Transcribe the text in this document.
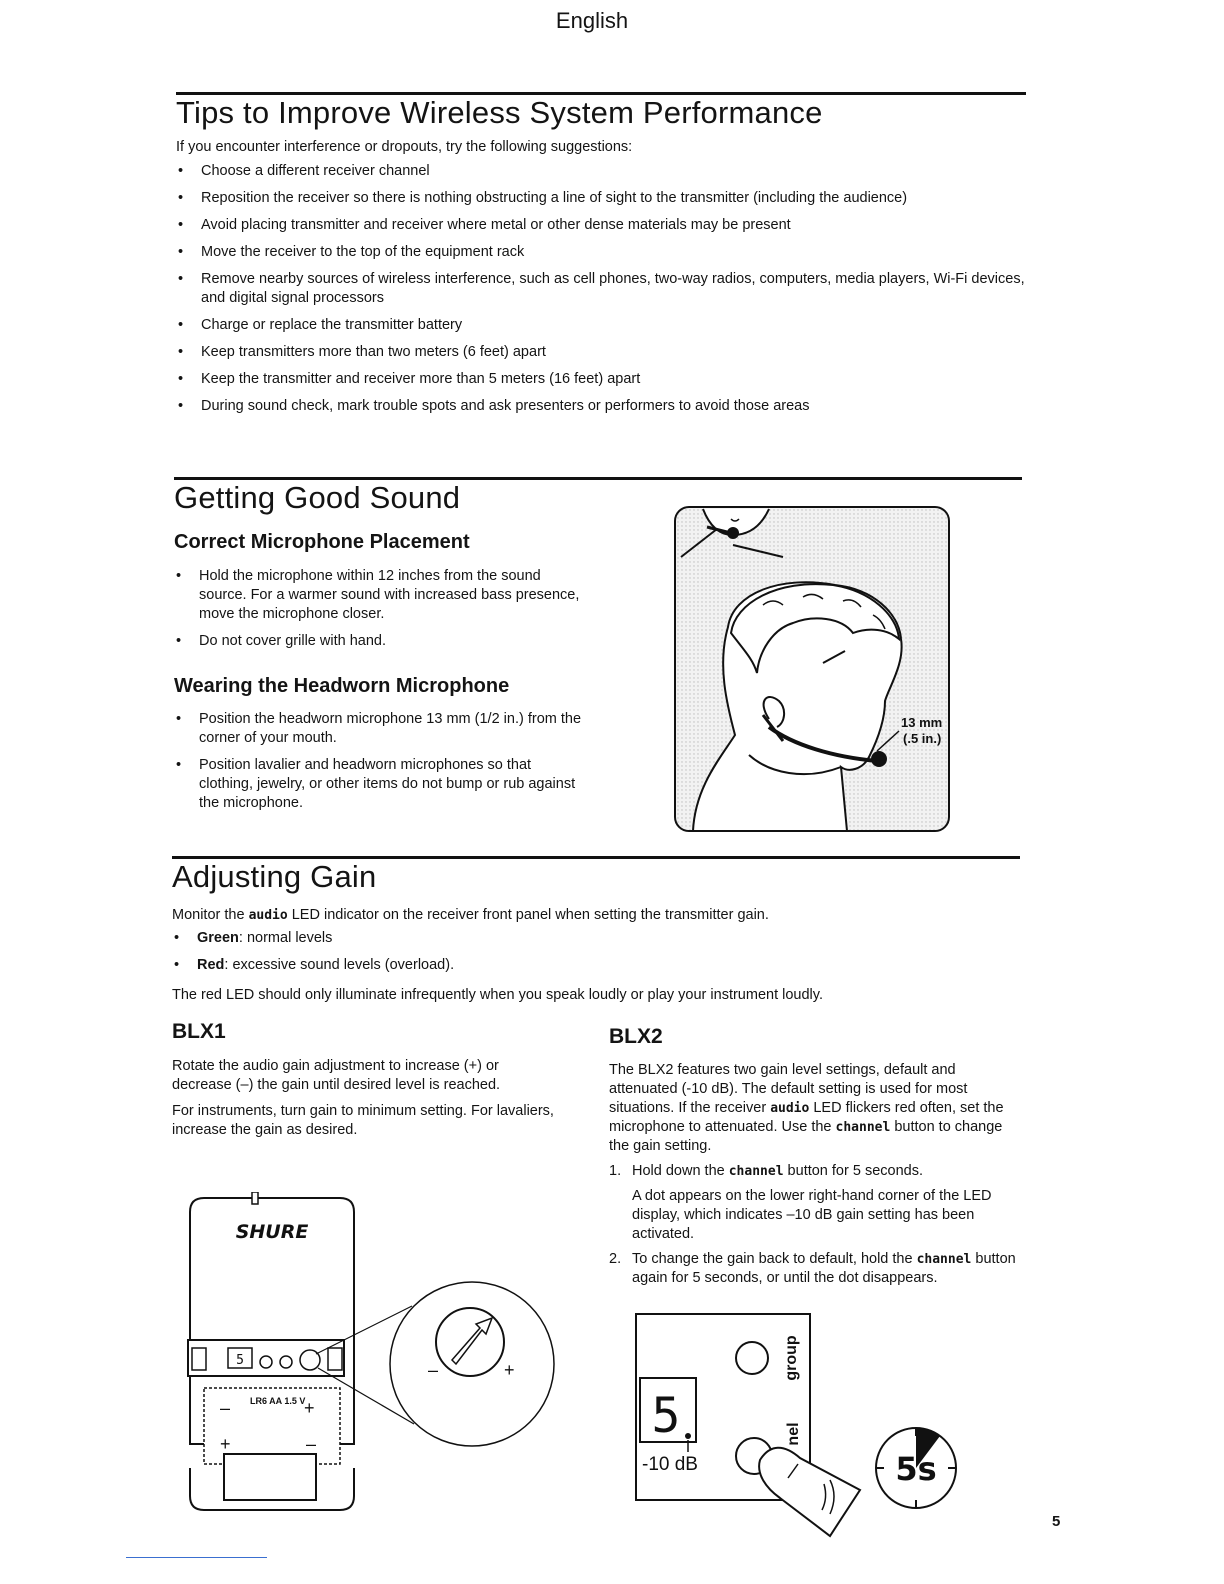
English
Tips to Improve Wireless System Performance

If you encounter interference or dropouts, try the following suggestions:

• Choose a different receiver channel
• Reposition the receiver so there is nothing obstructing a line of sight to the transmitter (including the audience)
• Avoid placing transmitter and receiver where metal or other dense materials may be present
• Move the receiver to the top of the equipment rack
• Remove nearby sources of wireless interference, such as cell phones, two-way radios, computers, media players, Wi-Fi devices, and digital signal processors
• Charge or replace the transmitter battery
• Keep transmitters more than two meters (6 feet) apart
• Keep the transmitter and receiver more than 5 meters (16 feet) apart
• During sound check, mark trouble spots and ask presenters or performers to avoid those areas
Getting Good Sound
Correct Microphone Placement
• Hold the microphone within 12 inches from the sound source. For a warmer sound with increased bass presence, move the microphone closer.
• Do not cover grille with hand.
Wearing the Headworn Microphone
• Position the headworn microphone 13 mm (1/2 in.) from the corner of your mouth.
• Position lavalier and headworn microphones so that clothing, jewelry, or other items do not bump or rub against the microphone.
13 mm
(.5 in.)
Adjusting Gain

Monitor the audio LED indicator on the receiver front panel when setting the transmitter gain.

• Green: normal levels
• Red: excessive sound levels (overload).

The red LED should only illuminate infrequently when you speak loudly or play your instrument loudly.

BLX1

Rotate the audio gain adjustment to increase (+) or decrease (–) the gain until desired level is reached.

For instruments, turn gain to minimum setting. For lavaliers, increase the gain as desired.

SHURE
5
LR6 AA 1.5 V
–	+
+	–
–	+
BLX2

The BLX2 features two gain level settings, default and attenuated (-10 dB). The default setting is used for most situations. If the receiver audio LED flickers red often, set the microphone to attenuated. Use the channel button to change the gain setting.

1. Hold down the channel button for 5 seconds.
A dot appears on the lower right-hand corner of the LED display, which indicates –10 dB gain setting has been activated.
2. To change the gain back to default, hold the channel button again for 5 seconds, or until the dot disappears.
group
5
-10 dB
nel
5s
5
